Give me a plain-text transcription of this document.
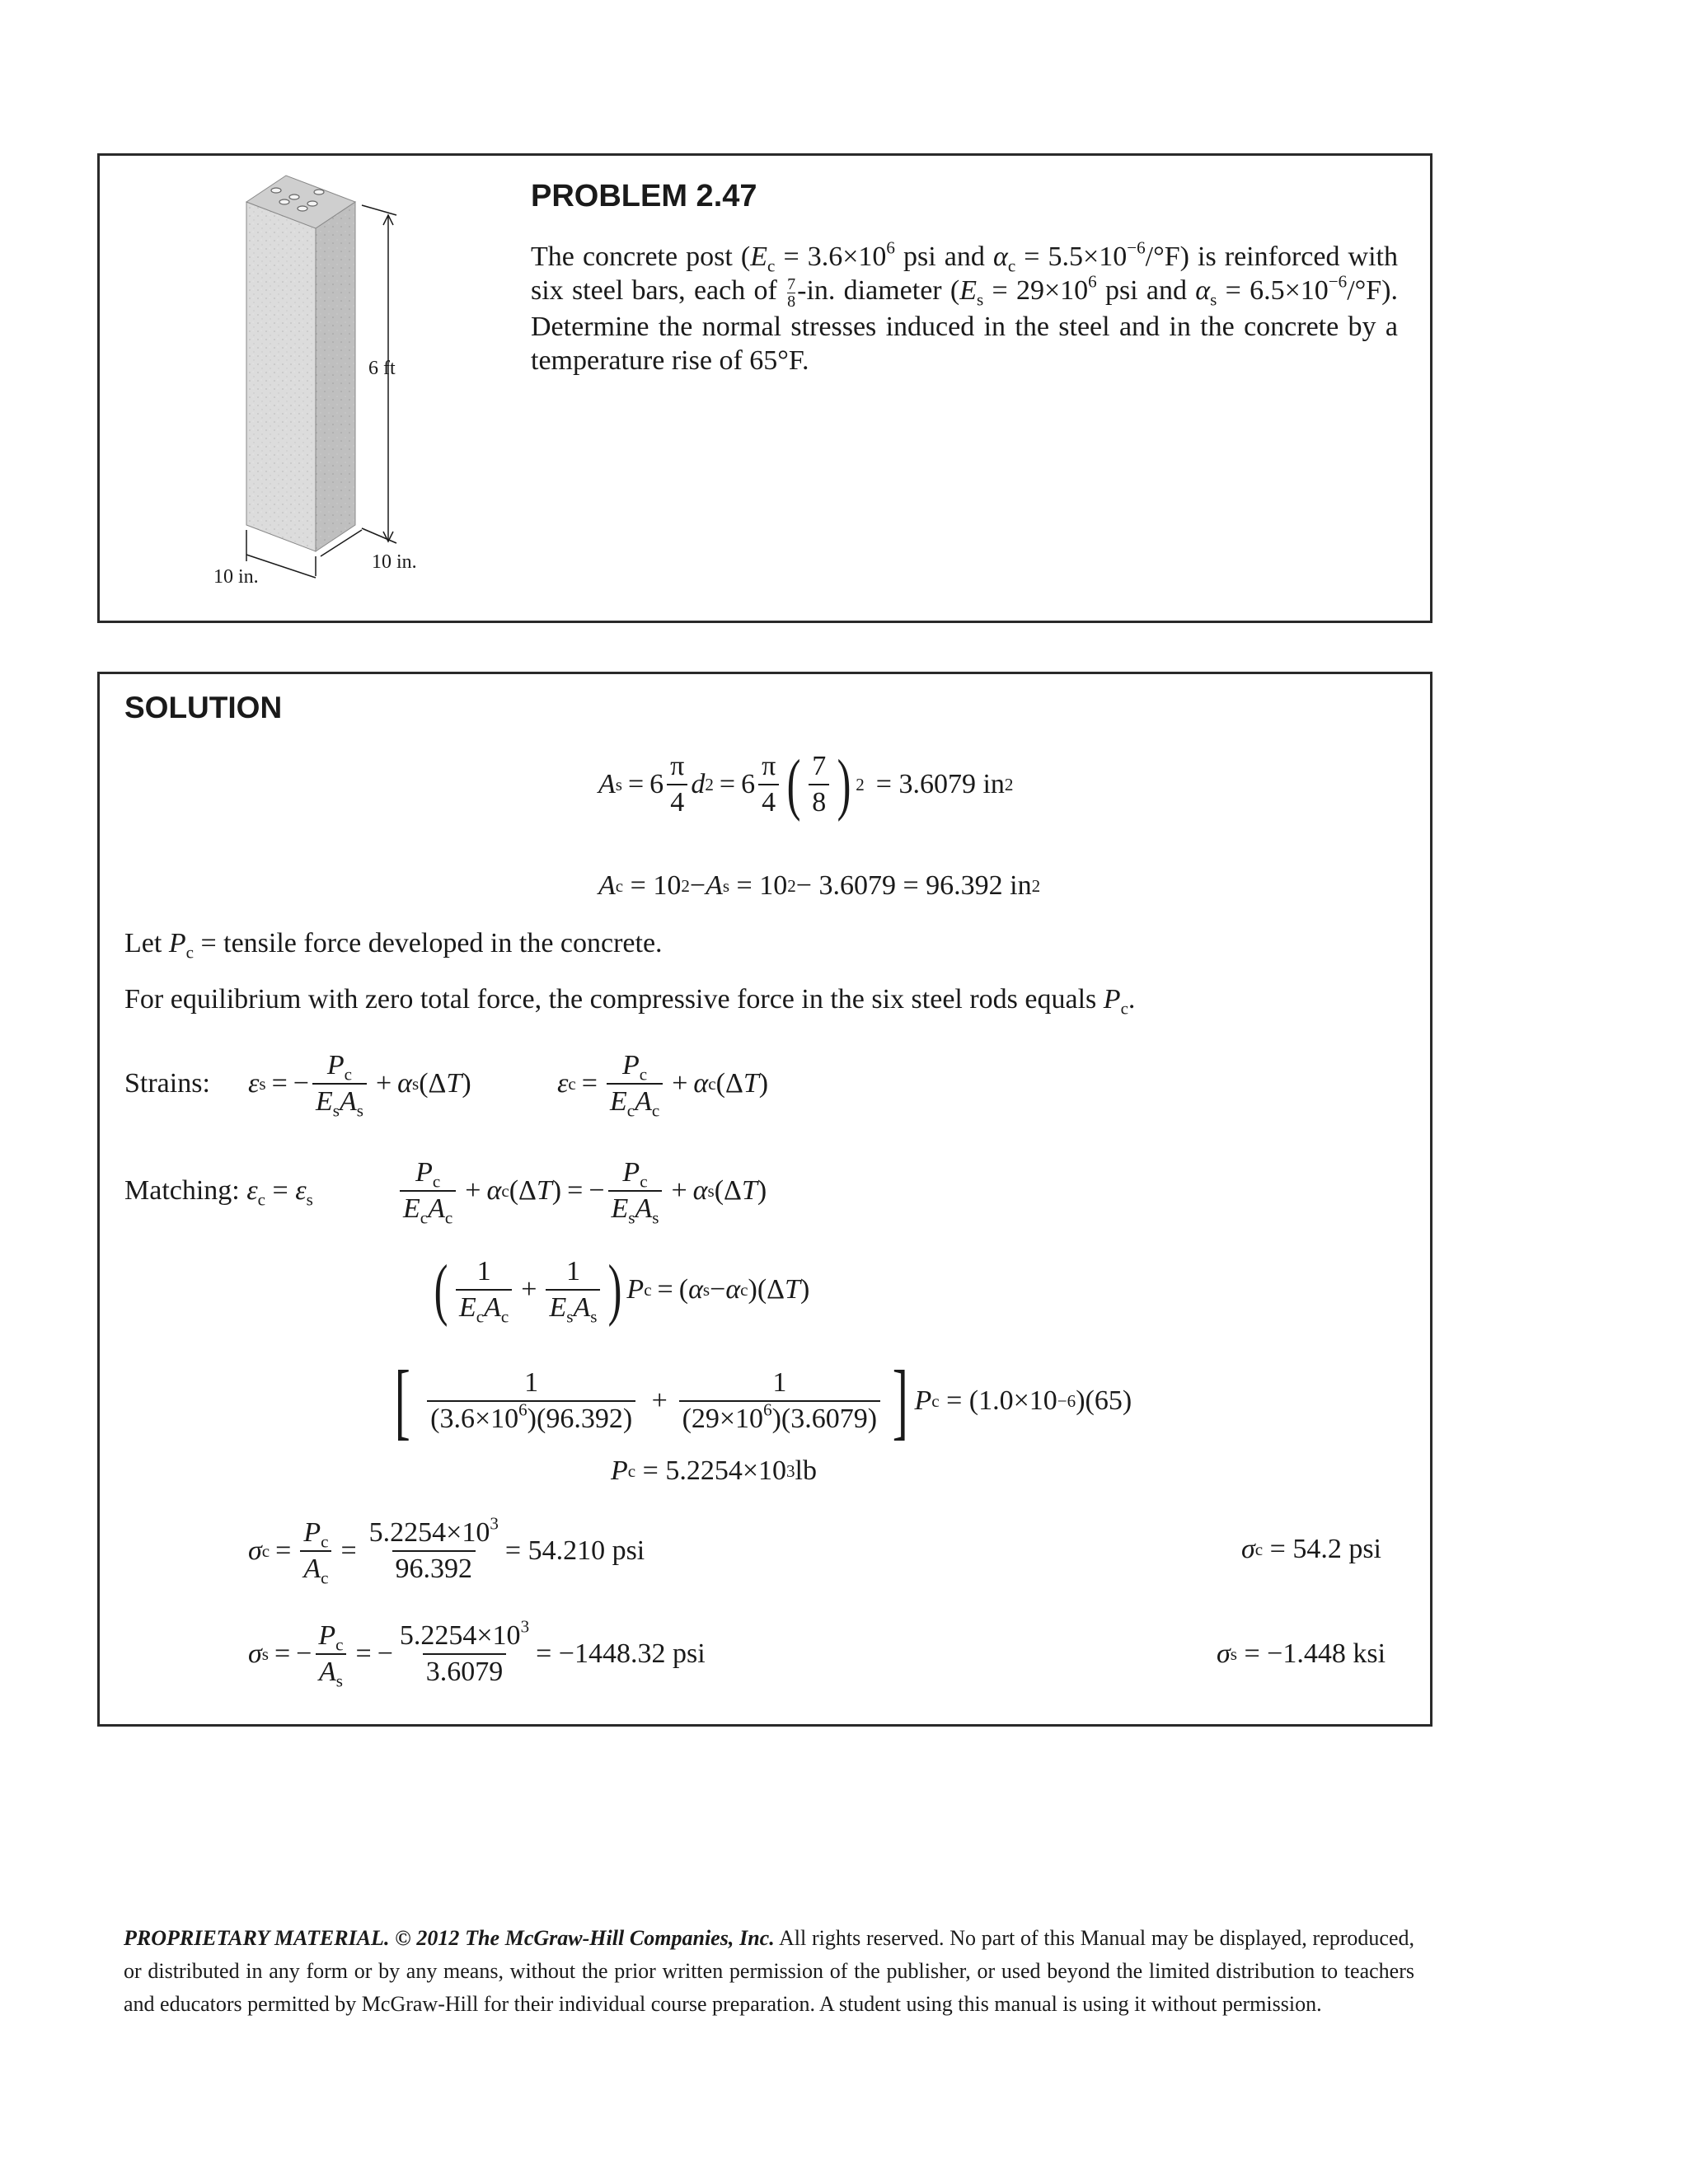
6 ft
10 in.
10 in.
PROBLEM 2.47
The concrete post ($E_c = 3.6\times 10^6$ psi and $\alpha_c = 5.5\times 10^{-6}/^\circ F$) is reinforced with six steel bars, each of $\frac{7}{8} -in$. diameter ($E_s = 29\times 10^6$ psi and $\alpha_s = 6.5\times 10^{-6}/^\circ F$). Determine the normal stresses induced in the steel and in the concrete by a temperature rise of 65°F.
SOLUTION
A $s = 6 \frac{\pi}{4}$ d $2 = 6 \frac{\pi}{4}$ ( $\frac{7}{8}$ ) 2 = 3.6079 in 2
A c
= 10 2 − A s
= 10 2 − 3.6079 = 96.392 in 2
Let $P_c$ = tensile force developed in the concrete.
For equilibrium with zero total force, the compressive force in the six steel rods equals $P_c$.
Strains: ε s = − $\frac{P_c}{E_sA_s} + \alpha$ s (Δ T )	ε $c = \frac{P_c}{E_cA_c} + \alpha$ c (Δ T )
Matching: $\varepsilon_c = \varepsilon_s$	$\frac{P_c}{E_cA_c} + \alpha$ c (Δ T ) = − $\frac{P_c}{E_sA_s} + \alpha$ s (Δ T )
( $\frac{1}{E_cA_c} + \frac{1}{E_sA_s}$ ) P c = ( α s − α c )(Δ T )
[ $\frac{1}{(3.6\times 10^6)(96.392)} + \frac{1}{(29\times 10^6)(3.6079)}$ ] P c
= (1.0×10 −6 )(65)
P c
= 5.2254×10 3 lb
σ $c = \frac{P_c}{A_c} = \frac{5.2254\times 10^3}{96.392} = 54.210$ psi	σ c
= 54.2 psi
σ s = − $\frac{P_c}{A_s}$ = − $\frac{5.2254\times 10^3}{3.6079} = -1448.32$ psi	σ s
= −1.448 ksi
PROPRIETARY MATERIAL. © 2012 The McGraw-Hill Companies, Inc. All rights reserved. No part of this Manual may be displayed, reproduced, or distributed in any form or by any means, without the prior written permission of the publisher, or used beyond the limited distribution to teachers and educators permitted by McGraw-Hill for their individual course preparation. A student using this manual is using it without permission.
